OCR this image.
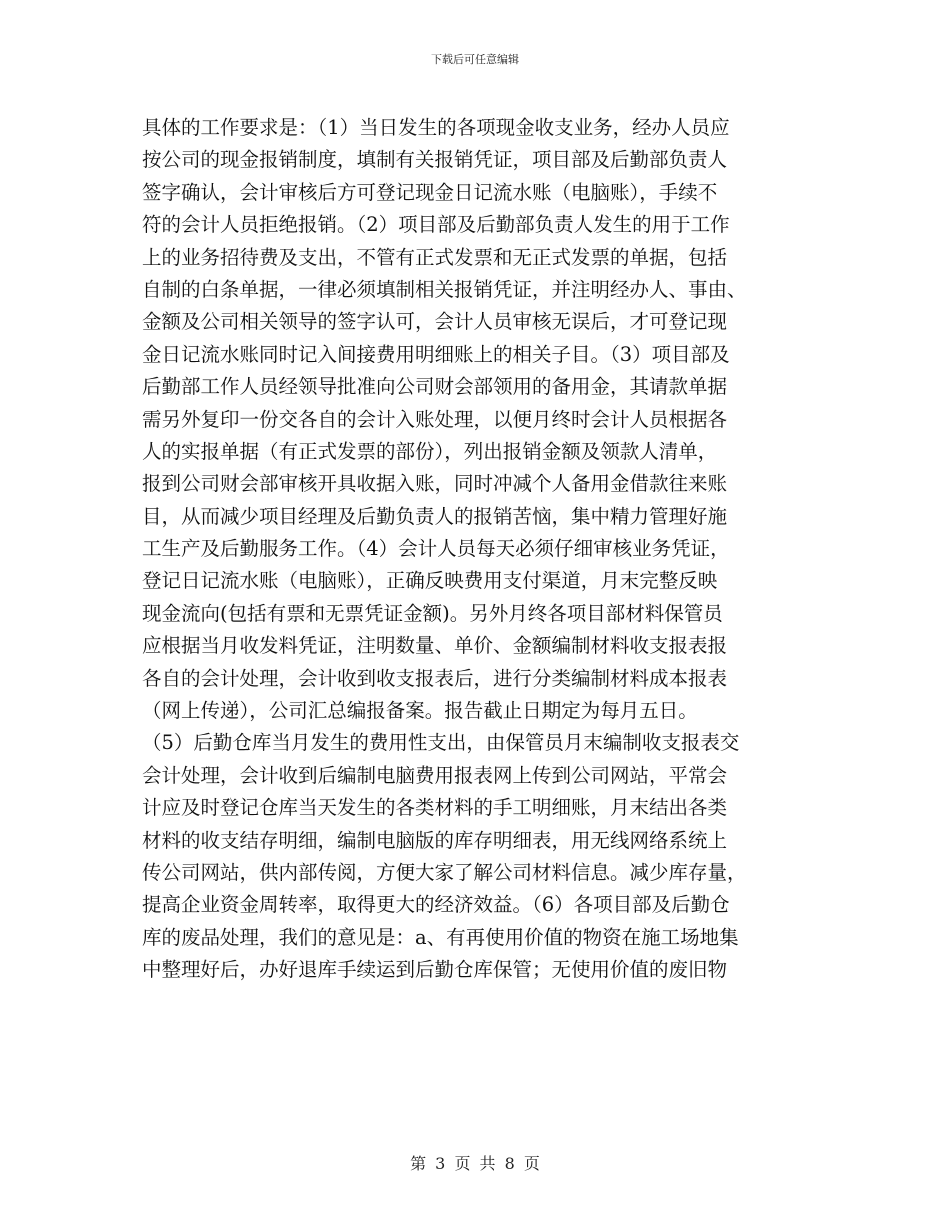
下载后可任意编辑
具体的工作要求是：（1）当日发生的各项现金收支业务，经办人员应
按公司的现金报销制度，填制有关报销凭证，项目部及后勤部负责人
签字确认，会计审核后方可登记现金日记流水账（电脑账），手续不
符的会计人员拒绝报销。（2）项目部及后勤部负责人发生的用于工作
上的业务招待费及支出，不管有正式发票和无正式发票的单据，包括
自制的白条单据，一律必须填制相关报销凭证，并注明经办人、事由、
金额及公司相关领导的签字认可，会计人员审核无误后，才可登记现
金日记流水账同时记入间接费用明细账上的相关子目。（3）项目部及
后勤部工作人员经领导批准向公司财会部领用的备用金，其请款单据
需另外复印一份交各自的会计入账处理，以便月终时会计人员根据各
人的实报单据（有正式发票的部份），列出报销金额及领款人清单，
报到公司财会部审核开具收据入账，同时冲减个人备用金借款往来账
目，从而减少项目经理及后勤负责人的报销苦恼，集中精力管理好施
工生产及后勤服务工作。（4）会计人员每天必须仔细审核业务凭证，
登记日记流水账（电脑账），正确反映费用支付渠道，月末完整反映
现金流向(包括有票和无票凭证金额)。另外月终各项目部材料保管员
应根据当月收发料凭证，注明数量、单价、金额编制材料收支报表报
各自的会计处理，会计收到收支报表后，进行分类编制材料成本报表
（网上传递），公司汇总编报备案。报告截止日期定为每月五日。
（5）后勤仓库当月发生的费用性支出，由保管员月末编制收支报表交
会计处理，会计收到后编制电脑费用报表网上传到公司网站，平常会
计应及时登记仓库当天发生的各类材料的手工明细账，月末结出各类
材料的收支结存明细，编制电脑版的库存明细表，用无线网络系统上
传公司网站，供内部传阅，方便大家了解公司材料信息。减少库存量，
提高企业资金周转率，取得更大的经济效益。（6）各项目部及后勤仓
库的废品处理，我们的意见是：a、有再使用价值的物资在施工场地集
中整理好后，办好退库手续运到后勤仓库保管；无使用价值的废旧物
第 3 页 共 8 页
